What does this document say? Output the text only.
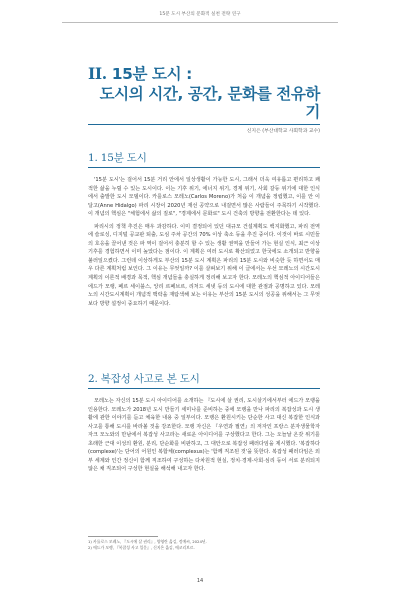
15분 도시 부산의 문화적 실천 전략 연구
II. 15분 도시 :
도시의 시간, 공간, 문화를 전유하기
신지은 (부산대학교 사회학과 교수)
1. 15분 도시

'15분 도시'는 걸어서 15분 거리 안에서 일상생활이 가능한 도시, 그래서 더욱 여유롭고 편리하고 쾌적한 삶을 누릴 수 있는 도시이다. 이는 기후 위기, 에너지 위기, 경제 위기, 사회 갈등 위기에 대한 인식에서 출발한 도시 모델이다. 카를로스 모레노(Carlos Moreno)가 처음 이 개념을 정립했고, 이를 안 이달고(Anne Hidalgo) 파리 시장이 2020년 재선 공약으로 내걸면서 많은 사람들이 주목하기 시작했다. 이 개념의 핵심은 "체험에서 삶의 질로", "경제에서 문화로" 도시 건축의 방향을 전환한다는 데 있다.

파리시의 정책 추진은 매우 과감하다. 이미 결정되어 있던 대규모 건설계획도 백지화했고, 파리 전역에 슬로싱, 디지털 공교판 퇴출, 도심 주차 공간의 70% 이상 축소 등을 추진 중이다. 이것이 바로 시민들의 호응을 끌어낸 것은 파 역이 걸어서 충분히 할 수 있는 생활 권역을 만들어 가는 현실 인식, 최근 이상 기후를 경험하면서 이미 높았다는 점이다. 이 계획은 여러 도시로 확산되었고 한국에도 소개되고 반향을 불러일으켰다. 그런데 이상하게도 부산의 15분 도시 계획은 파리의 15분 도시와 비슷한 듯 하면서도 매우 다른 계획처럼 보인다. 그 이유는 무엇일까? 이를 살펴보기 위해 이 글에서는 우선 모레노의 시간도시 계획의 이론적 배경과 목적, 핵심 개념들을 충실하게 정리해 보고자 한다. 모레노의 핵심적 아이디어들은 에드가 모랭, 페르 세이블스, 앙리 르페브르, 리처드 세넷 등의 도시에 대한 관점과 공명하고 있다. 모레노의 시간도시계획이 개념적 맥락을 재탐색해 보는 이유는 부산의 15분 도시의 성공을 위해서는 그 무엇보다 방향 설정이 중요하기 때문이다.

2. 복잡성 사고로 본 도시

모레노는 자신의 15분 도시 아이디어를 소개하는 『도시에 살 권리, 도시살기에서부터 에드가 모랭을 인용한다. 모레노가 2018년 도시 만들기 세미나를 준비하는 중에 모랭을 만나 파리의 복잡성과 도시 생활에 관한 이야기를 듣고 체육한 내용 중 일부이다. 모랭은 환원시키는 단순한 사고 대신 복잡한 인식과 사고를 통해 도시를 바라볼 것을 강조한다. 모랭 자신은 『우연과 필연』의 저자인 프랑스 분자생물학자 자크 모노와의 만남에서 복잡성 사고라는 새로운 아이디어를 구상했다고 한다. 그는 오늘날 온갖 위기를 초래한 근대 이성의 환원, 분리, 단순화를 비판하고, 그 대안으로 복잡성 패러다임을 제시했다. '복잡하다(complexe)'는 단어의 어원인 복합체(complexus)는 '함께 직조된 것'을 뜻한다. 복잡성 패러다임은 외부 세계와 인간 정신이 함께 직조하여 구성하는 다차원적 현실, 정치·경제·사회·심리 등이 서로 분리되지 않은 채 직조되어 구성한 현실을 해석해 내고자 한다.

1) 카를로스 모레노, 『도시에 살 권리』, 양영란 옮김, 정예씨, 2024년.
2) 에드가 모랭, 『복잡성 사고 입문』, 신지은 옮김, 에코리브르.
14
